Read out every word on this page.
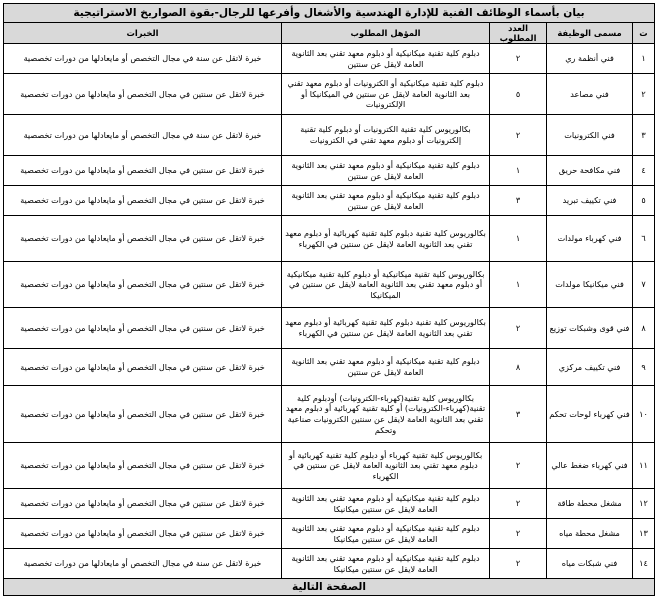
بيان بأسماء الوظائف الفنية للإدارة الهندسية والأشغال وأفرعها للرجال-بقوة الصواريخ الاستراتيجية				
ت	مسمى الوظيفة	العدد المطلوب	المؤهل المطلوب	الخبرات
١	فني أنظمة ري	٢	دبلوم كلية تقنية ميكانيكية أو دبلوم معهد تقني بعد الثانوية العامة لايقل عن سنتين	خبرة لاتقل عن سنة في مجال التخصص أو مايعادلها من دورات تخصصية
٢	فني مصاعد	٥	دبلوم كلية تقنية ميكانيكية أو الكترونيات أو دبلوم معهد تقني بعد الثانوية العامة لايقل عن سنتين في الميكانيكا أو الإلكترونيات	خبرة لاتقل عن سنتين في مجال التخصص أو مايعادلها من دورات تخصصية
٣	فني الكترونيات	٢	بكالوريوس كلية تقنية الكترونيات أو دبلوم كلية تقنية إلكترونيات أو دبلوم معهد تقني في الكترونيات	خبرة لاتقل عن سنة في مجال التخصص أو مايعادلها من دورات تخصصية
٤	فني مكافحة حريق	١	دبلوم كلية تقنية ميكانيكية أو دبلوم معهد تقني بعد الثانوية العامة لايقل عن سنتين	خبرة لاتقل عن سنتين في مجال التخصص أو مايعادلها من دورات تخصصية
٥	فني تكييف تبريد	٣	دبلوم كلية تقنية ميكانيكية أو دبلوم معهد تقني بعد الثانوية العامة لايقل عن سنتين	خبرة لاتقل عن سنتين في مجال التخصص أو مايعادلها من دورات تخصصية
٦	فني كهرباء مولدات	١	بكالوريوس كلية تقنية دبلوم كلية تقنية كهربائية أو دبلوم معهد تقني بعد الثانوية العامة لايقل عن سنتين في الكهرباء	خبرة لاتقل عن سنتين في مجال التخصص أو مايعادلها من دورات تخصصية
٧	فني ميكانيكا مولدات	١	بكالوريوس كلية تقنية ميكانيكية أو دبلوم كلية تقنية ميكانيكية أو دبلوم معهد تقني بعد الثانوية العامة لايقل عن سنتين في الميكانيكا	خبرة لاتقل عن سنتين في مجال التخصص أو مايعادلها من دورات تخصصية
٨	فني قوى وشبكات توزيع	٢	بكالوريوس كلية تقنية دبلوم كلية تقنية كهربائية أو دبلوم معهد تقني بعد الثانوية العامة لايقل عن سنتين في الكهرباء	خبرة لاتقل عن سنتين في مجال التخصص أو مايعادلها من دورات تخصصية
٩	فني تكييف مركزي	٨	دبلوم كلية تقنية ميكانيكية أو دبلوم معهد تقني بعد الثانوية العامة لايقل عن سنتين	خبرة لاتقل عن سنتين في مجال التخصص أو مايعادلها من دورات تخصصية
١٠	فني كهرباء لوحات تحكم	٣	بكالوريوس كلية تقنية(كهرباء-الكترونيات) أودبلوم كلية تقنية(كهرباء-الكترونيات) أو كلية تقنية كهربائية أو دبلوم معهد تقني بعد الثانوية العامة لايقل عن سنتين الكترونيات صناعية وتحكم	خبرة لاتقل عن سنتين في مجال التخصص أو مايعادلها من دورات تخصصية
١١	فني كهرباء ضغط عالي	٢	بكالوريوس كلية تقنية كهرباء أو دبلوم كلية تقنية كهربائية أو دبلوم معهد تقني بعد الثانوية العامة لايقل عن سنتين في الكهرباء	خبرة لاتقل عن سنتين في مجال التخصص أو مايعادلها من دورات تخصصية
١٢	مشغل محطة طاقة	٢	دبلوم كلية تقنية ميكانيكية أو دبلوم معهد تقني بعد الثانوية العامة لايقل عن سنتين ميكانيكا	خبرة لاتقل عن سنتين في مجال التخصص أو مايعادلها من دورات تخصصية
١٣	مشغل محطة مياه	٢	دبلوم كلية تقنية ميكانيكية أو دبلوم معهد تقني بعد الثانوية العامة لايقل عن سنتين ميكانيكا	خبرة لاتقل عن سنتين في مجال التخصص أو مايعادلها من دورات تخصصية
١٤	فني شبكات مياه	٢	دبلوم كلية تقنية ميكانيكية أو دبلوم معهد تقني بعد الثانوية العامة لايقل عن سنتين ميكانيكا	خبرة لاتقل عن سنة في مجال التخصص أو مايعادلها من دورات تخصصية
الصفحة التالية				
